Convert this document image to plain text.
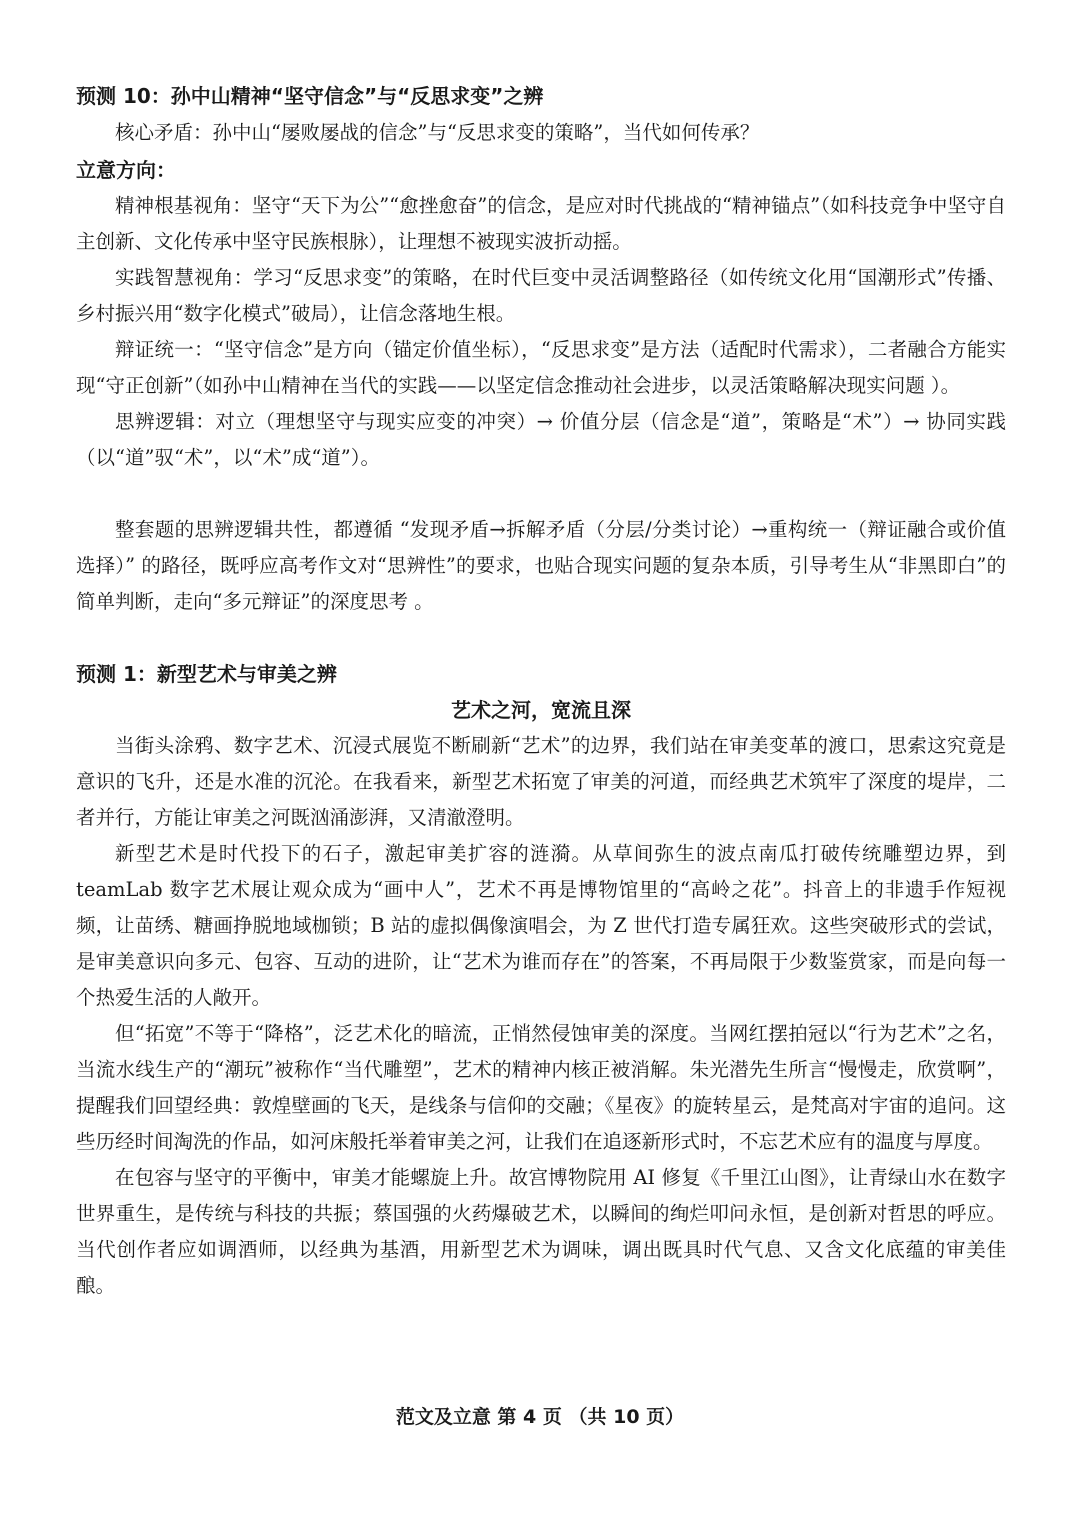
预测 10：孙中山精神“坚守信念”与“反思求变”之辨

核心矛盾：孙中山“屡败屡战的信念”与“反思求变的策略”，当代如何传承？

立意方向：

精神根基视角：坚守“天下为公”“愈挫愈奋”的信念，是应对时代挑战的“精神锚点”（如科技竞争中坚守自主创新、文化传承中坚守民族根脉），让理想不被现实波折动摇。

实践智慧视角：学习“反思求变”的策略，在时代巨变中灵活调整路径（如传统文化用“国潮形式”传播、乡村振兴用“数字化模式”破局），让信念落地生根。

辩证统一：“坚守信念”是方向（锚定价值坐标），“反思求变”是方法（适配时代需求），二者融合方能实现“守正创新”（如孙中山精神在当代的实践——以坚定信念推动社会进步，以灵活策略解决现实问题 ）。

思辨逻辑：对立（理想坚守与现实应变的冲突）→ 价值分层（信念是“道”，策略是“术”）→ 协同实践（以“道”驭“术”，以“术”成“道”）。

整套题的思辨逻辑共性，都遵循 “发现矛盾→拆解矛盾（分层/分类讨论）→重构统一（辩证融合或价值选择）” 的路径，既呼应高考作文对“思辨性”的要求，也贴合现实问题的复杂本质，引导考生从“非黑即白”的简单判断，走向“多元辩证”的深度思考 。

预测 1：新型艺术与审美之辨
艺术之河，宽流且深

当街头涂鸦、数字艺术、沉浸式展览不断刷新“艺术”的边界，我们站在审美变革的渡口，思索这究竟是意识的飞升，还是水准的沉沦。在我看来，新型艺术拓宽了审美的河道，而经典艺术筑牢了深度的堤岸，二者并行，方能让审美之河既汹涌澎湃，又清澈澄明。

新型艺术是时代投下的石子，激起审美扩容的涟漪。从草间弥生的波点南瓜打破传统雕塑边界，到 teamLab 数字艺术展让观众成为“画中人”，艺术不再是博物馆里的“高岭之花”。抖音上的非遗手作短视频，让苗绣、糖画挣脱地域枷锁；B 站的虚拟偶像演唱会，为 Z 世代打造专属狂欢。这些突破形式的尝试，是审美意识向多元、包容、互动的进阶，让“艺术为谁而存在”的答案，不再局限于少数鉴赏家，而是向每一个热爱生活的人敞开。

但“拓宽”不等于“降格”，泛艺术化的暗流，正悄然侵蚀审美的深度。当网红摆拍冠以“行为艺术”之名，当流水线生产的“潮玩”被称作“当代雕塑”，艺术的精神内核正被消解。朱光潜先生所言“慢慢走，欣赏啊”，提醒我们回望经典：敦煌壁画的飞天，是线条与信仰的交融；《星夜》的旋转星云，是梵高对宇宙的追问。这些历经时间淘洗的作品，如河床般托举着审美之河，让我们在追逐新形式时，不忘艺术应有的温度与厚度。

在包容与坚守的平衡中，审美才能螺旋上升。故宫博物院用 AI 修复《千里江山图》，让青绿山水在数字世界重生，是传统与科技的共振；蔡国强的火药爆破艺术，以瞬间的绚烂叩问永恒，是创新对哲思的呼应。当代创作者应如调酒师，以经典为基酒，用新型艺术为调味，调出既具时代气息、又含文化底蕴的审美佳酿。

范文及立意 第 4 页 （共 10 页）
